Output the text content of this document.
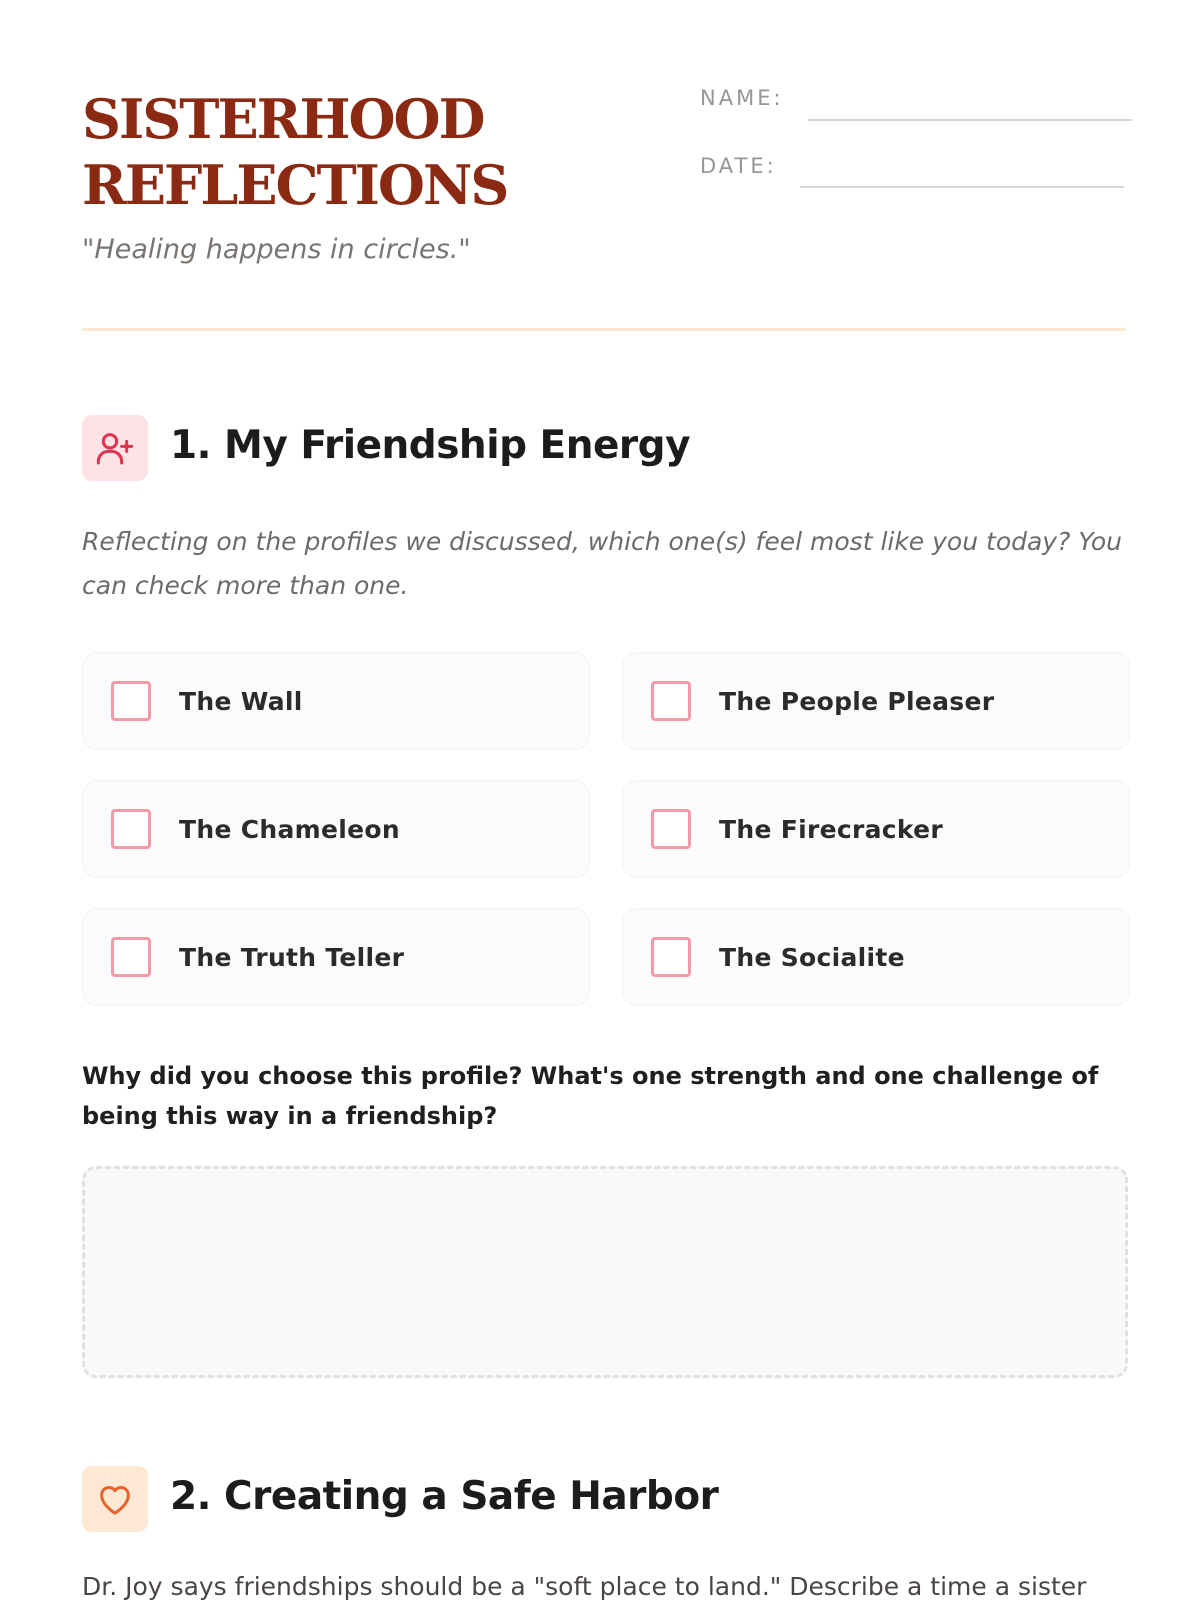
SISTERHOOD
REFLECTIONS
"Healing happens in circles."
NAME:
DATE:
1. My Friendship Energy
Reflecting on the profiles we discussed, which one(s) feel most like you today? You can check more than one.
The Wall	The People Pleaser
The Chameleon	The Firecracker
The Truth Teller	The Socialite
Why did you choose this profile? What's one strength and one challenge of being this way in a friendship?
2. Creating a Safe Harbor
Dr. Joy says friendships should be a "soft place to land." Describe a time a sister
